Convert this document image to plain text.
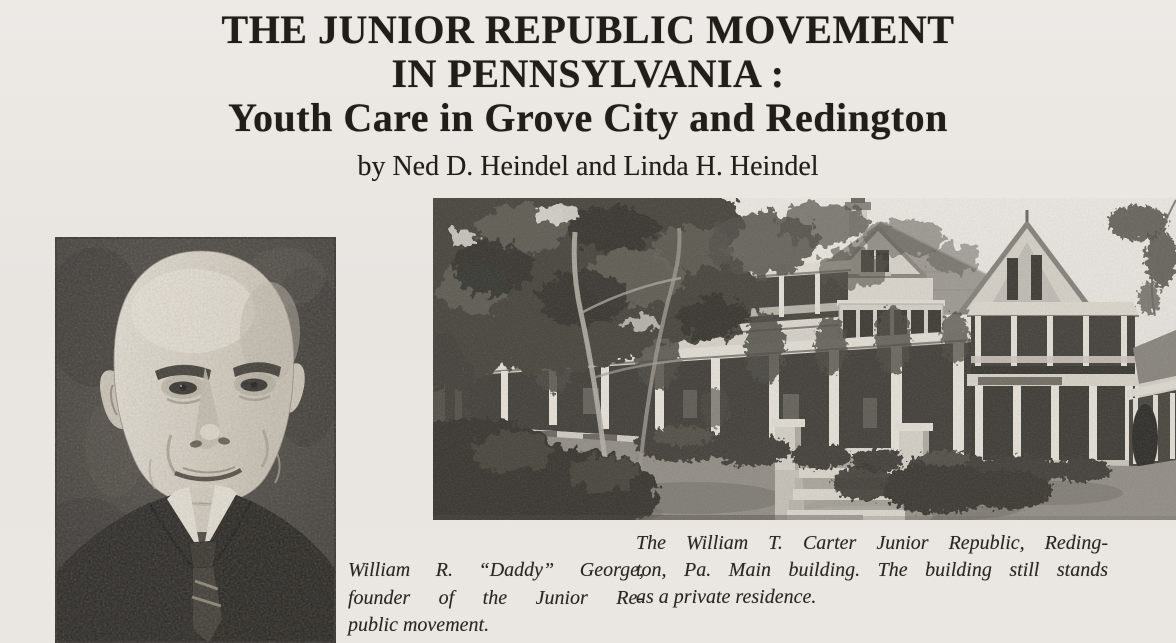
THE JUNIOR REPUBLIC MOVEMENT
IN PENNSYLVANIA :
Youth Care in Grove City and Redington

by Ned D. Heindel and Linda H. Heindel

William R. “Daddy” George,
founder of the Junior Re-
public movement.
The William T. Carter Junior Republic, Reding-
ton, Pa. Main building. The building still stands
as a private residence.
